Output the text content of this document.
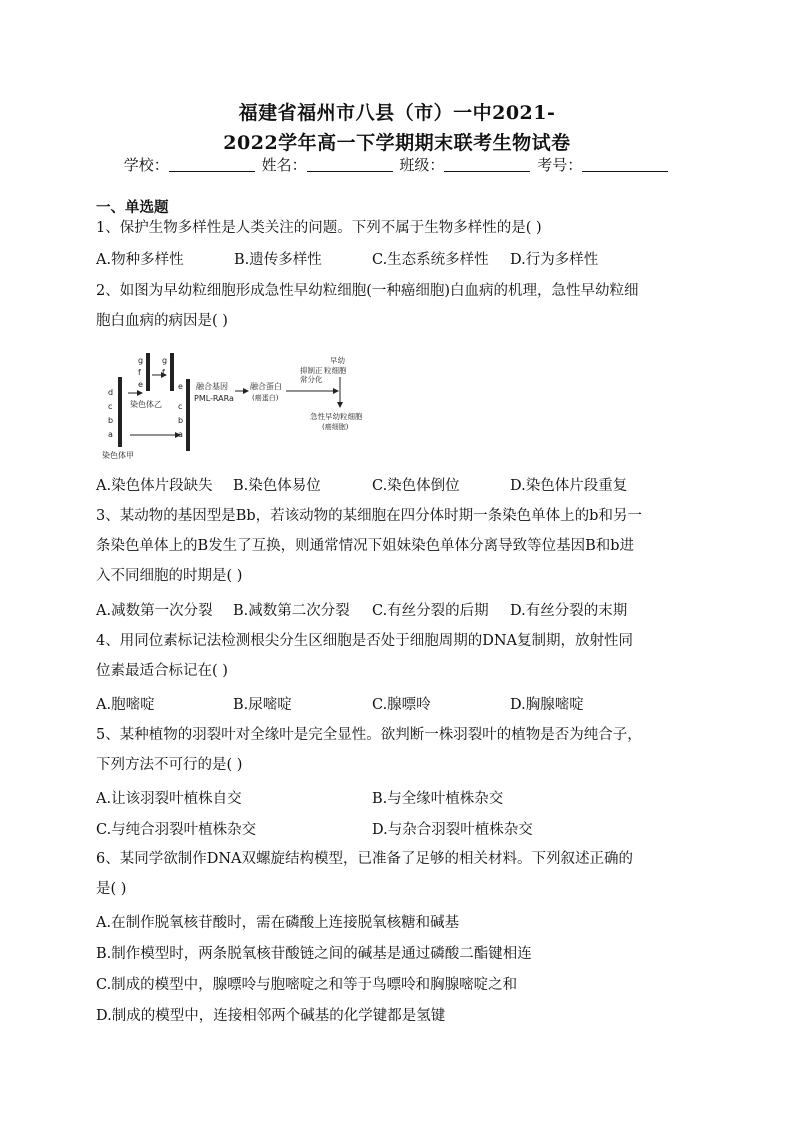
福建省福州市八县（市）一中2021-
2022学年高一下学期期末联考生物试卷
学校：	姓名：	班级：	考号：
一、单选题
1、保护生物多样性是人类关注的问题。下列不属于生物多样性的是( )
A.物种多样性	B.遗传多样性	C.生态系统多样性 D.行为多样性
2、如图为早幼粒细胞形成急性早幼粒细胞(一种癌细胞)白血病的机理，急性早幼粒细
胞白血病的病因是( )
d
c
b
a
染色体甲
g
f
e
染色体乙
g
f
e
c
b
a
融合基因
PML-RARa
融合蛋白
(癌蛋白)
抑制正
常分化
早幼
粒细胞
急性早幼粒细胞
(癌细胞)
A.染色体片段缺失 B.染色体易位	C.染色体倒位	D.染色体片段重复
3、某动物的基因型是Bb，若该动物的某细胞在四分体时期一条染色单体上的b和另一
条染色单体上的B发生了互换，则通常情况下姐妹染色单体分离导致等位基因B和b进
入不同细胞的时期是( )
A.减数第一次分裂 B.减数第二次分裂 C.有丝分裂的后期 D.有丝分裂的末期
4、用同位素标记法检测根尖分生区细胞是否处于细胞周期的DNA复制期，放射性同
位素最适合标记在( )
A.胞嘧啶	B.尿嘧啶	C.腺嘌呤	D.胸腺嘧啶
5、某种植物的羽裂叶对全缘叶是完全显性。欲判断一株羽裂叶的植物是否为纯合子，
下列方法不可行的是( )
A.让该羽裂叶植株自交	B.与全缘叶植株杂交
C.与纯合羽裂叶植株杂交	D.与杂合羽裂叶植株杂交
6、某同学欲制作DNA双螺旋结构模型，已准备了足够的相关材料。下列叙述正确的
是( )
A.在制作脱氧核苷酸时，需在磷酸上连接脱氧核糖和碱基
B.制作模型时，两条脱氧核苷酸链之间的碱基是通过磷酸二酯键相连
C.制成的模型中，腺嘌呤与胞嘧啶之和等于鸟嘌呤和胸腺嘧啶之和
D.制成的模型中，连接相邻两个碱基的化学键都是氢键
